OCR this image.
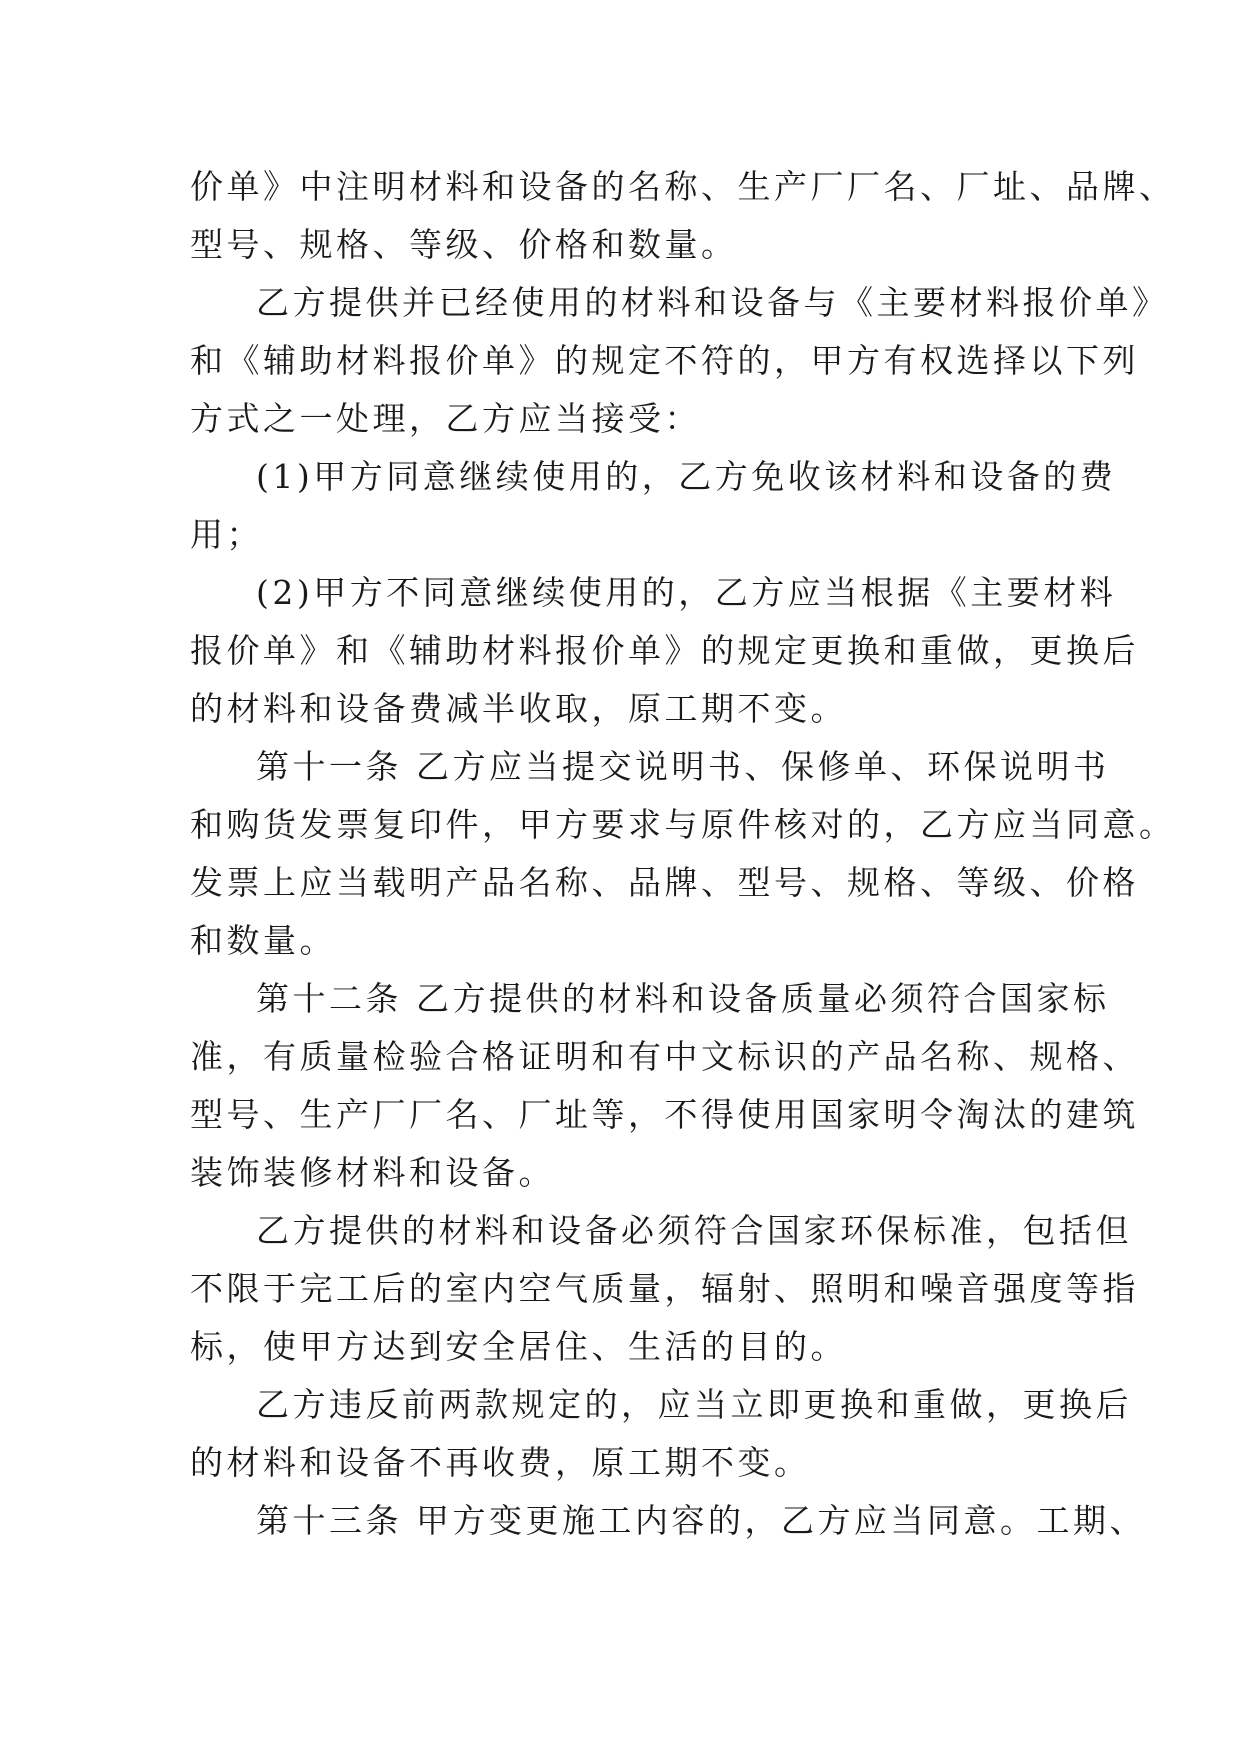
价单》中注明材料和设备的名称、生产厂厂名、厂址、品牌、
型号、规格、等级、价格和数量。
乙方提供并已经使用的材料和设备与《主要材料报价单》
和《辅助材料报价单》的规定不符的，甲方有权选择以下列
方式之一处理，乙方应当接受：
(1)甲方同意继续使用的，乙方免收该材料和设备的费
用；
(2)甲方不同意继续使用的，乙方应当根据《主要材料
报价单》和《辅助材料报价单》的规定更换和重做，更换后
的材料和设备费减半收取，原工期不变。
第十一条 乙方应当提交说明书、保修单、环保说明书
和购货发票复印件，甲方要求与原件核对的，乙方应当同意。
发票上应当载明产品名称、品牌、型号、规格、等级、价格
和数量。
第十二条 乙方提供的材料和设备质量必须符合国家标
准，有质量检验合格证明和有中文标识的产品名称、规格、
型号、生产厂厂名、厂址等，不得使用国家明令淘汰的建筑
装饰装修材料和设备。
乙方提供的材料和设备必须符合国家环保标准，包括但
不限于完工后的室内空气质量，辐射、照明和噪音强度等指
标，使甲方达到安全居住、生活的目的。
乙方违反前两款规定的，应当立即更换和重做，更换后
的材料和设备不再收费，原工期不变。
第十三条 甲方变更施工内容的，乙方应当同意。工期、
